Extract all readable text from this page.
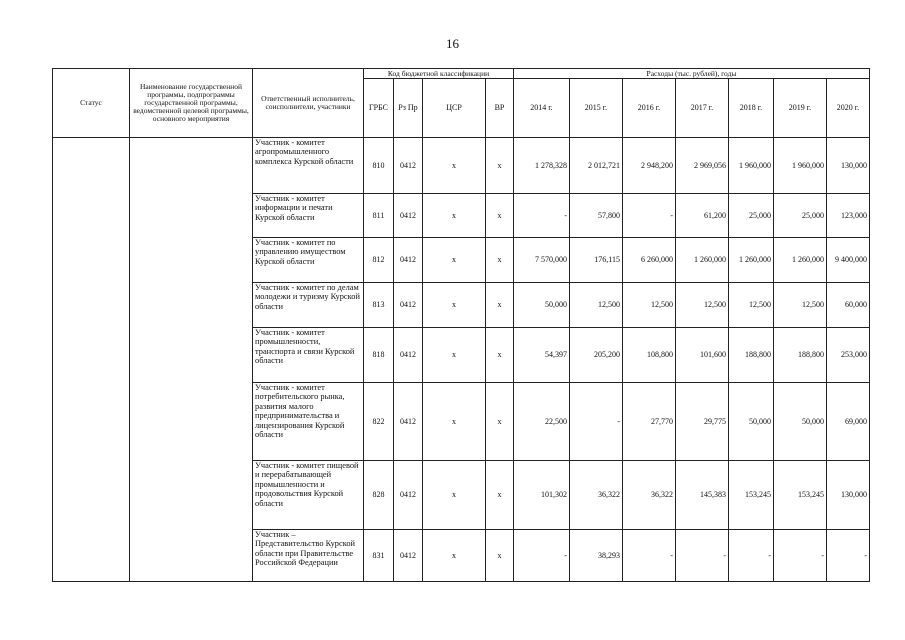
16
Статус	Наименование государственной программы, подпрограммы государственной программы, ведомственной целевой программы, основного мероприятия	Ответственный исполнитель, соисполнители, участники	Код бюджетной классификации				Расходы (тыс. рублей), годы						
			ГРБС	Рз Пр	ЦСР	ВР	2014 г.	2015 г.	2016 г.	2017 г.	2018 г.	2019 г.	2020 г.
		Участник - комитет агропромышленного комплекса Курской области	810	0412	х	х	1 278,328	2 012,721	2 948,200	2 969,056	1 960,000	1 960,000	130,000
		Участник - комитет информации и печати Курской области	811	0412	х	х	-	57,800	-	61,200	25,000	25,000	123,000
		Участник - комитет по управлению имуществом Курской области	812	0412	х	х	7 570,000	176,115	6 260,000	1 260,000	1 260,000	1 260,000	9 400,000
		Участник - комитет по делам молодежи и туризму Курской области	813	0412	х	х	50,000	12,500	12,500	12,500	12,500	12,500	60,000
		Участник - комитет промышленности, транспорта и связи Курской области	818	0412	х	х	54,397	205,200	108,800	101,600	188,800	188,800	253,000
		Участник - комитет потребительского рынка, развития малого предпринимательства и лицензирования Курской области	822	0412	х	х	22,500	-	27,770	29,775	50,000	50,000	69,000
		Участник - комитет пищевой и перерабатывающей промышленности и продовольствия Курской области	828	0412	х	х	101,302	36,322	36,322	145,383	153,245	153,245	130,000
		Участник – Представительство Курской области при Правительстве Российской Федерации	831	0412	х	х	-	38,293	-	-	-	-	-
